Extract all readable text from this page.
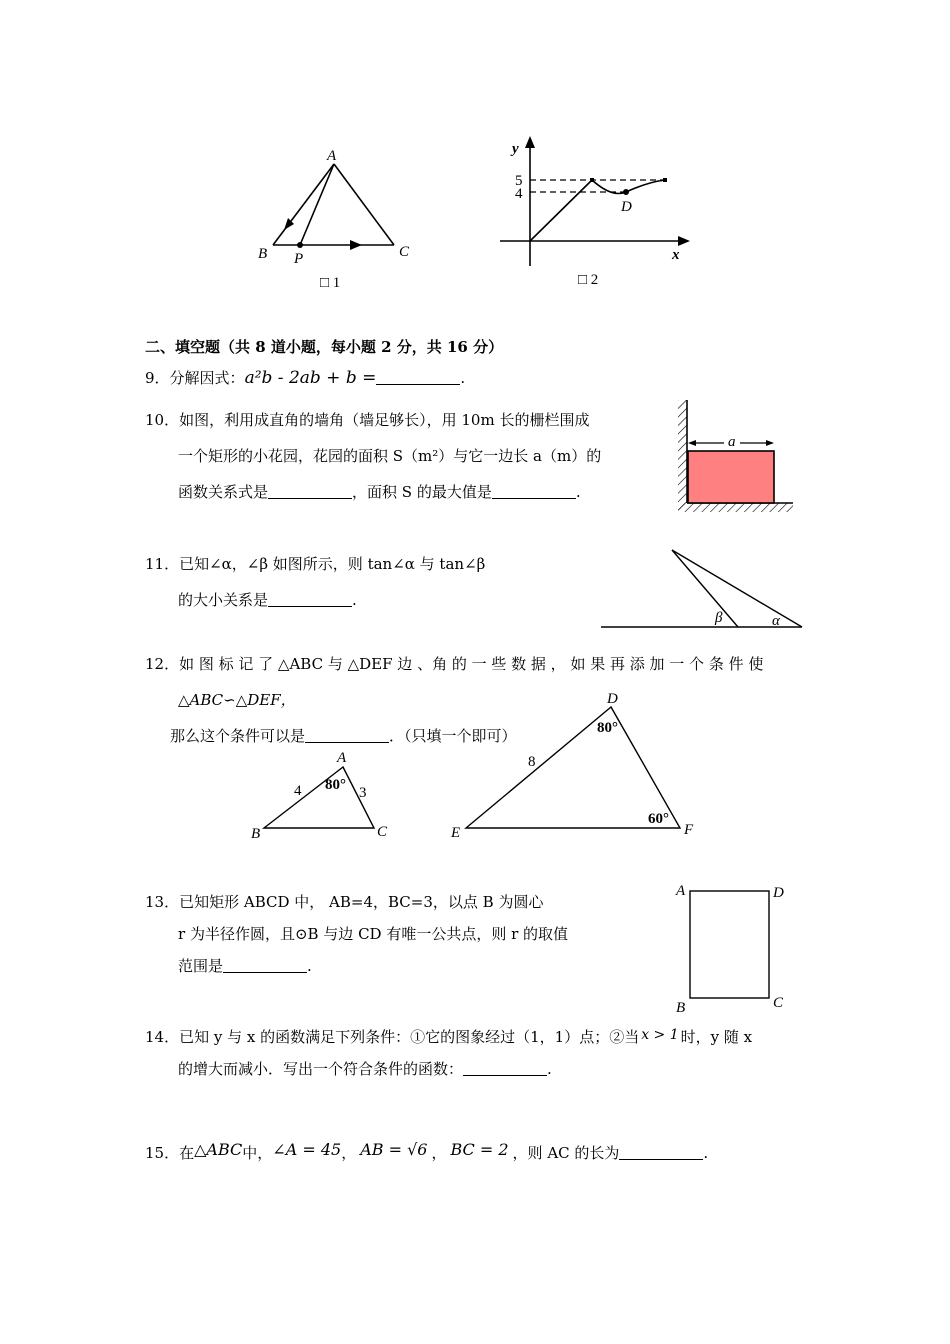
A
B	C
P
□ 1
y
x
5
4
D
□ 2
二、填空题（共 8 道小题，每小题 2 分，共 16 分）
9．分解因式：a²b - 2ab + b =	.
10．如图，利用成直角的墙角（墙足够长），用 10m 长的栅栏围成
一个矩形的小花园，花园的面积 S（m²）与它一边长 a（m）的
函数关系式是	，面积 S 的最大值是	.
a
11．已知∠α，∠β 如图所示，则 tan∠α 与 tan∠β
的大小关系是	.
β	α
12．如 图 标 记 了 △ABC 与 △DEF 边 、角 的 一 些 数 据 ， 如 果 再 添 加 一 个 条 件 使
△ABC∽△DEF，
那么这个条件可以是	．（只填一个即可）
A
B	C
4	3
80°
D
E	F
8
80°
60°
13．已知矩形 ABCD 中， AB=4，BC=3，以点 B 为圆心
r 为半径作圆，且⊙B 与边 CD 有唯一公共点，则 r 的取值
范围是	.
A	D
B	C
14．已知 y 与 x 的函数满足下列条件：①它的图象经过（1，1）点；②当 x > 1 时，y 随 x
的增大而减小．写出一个符合条件的函数：	.
15．在△ABC中，∠A = 45， AB = √6 ， BC = 2 ，则 AC 的长为	.
